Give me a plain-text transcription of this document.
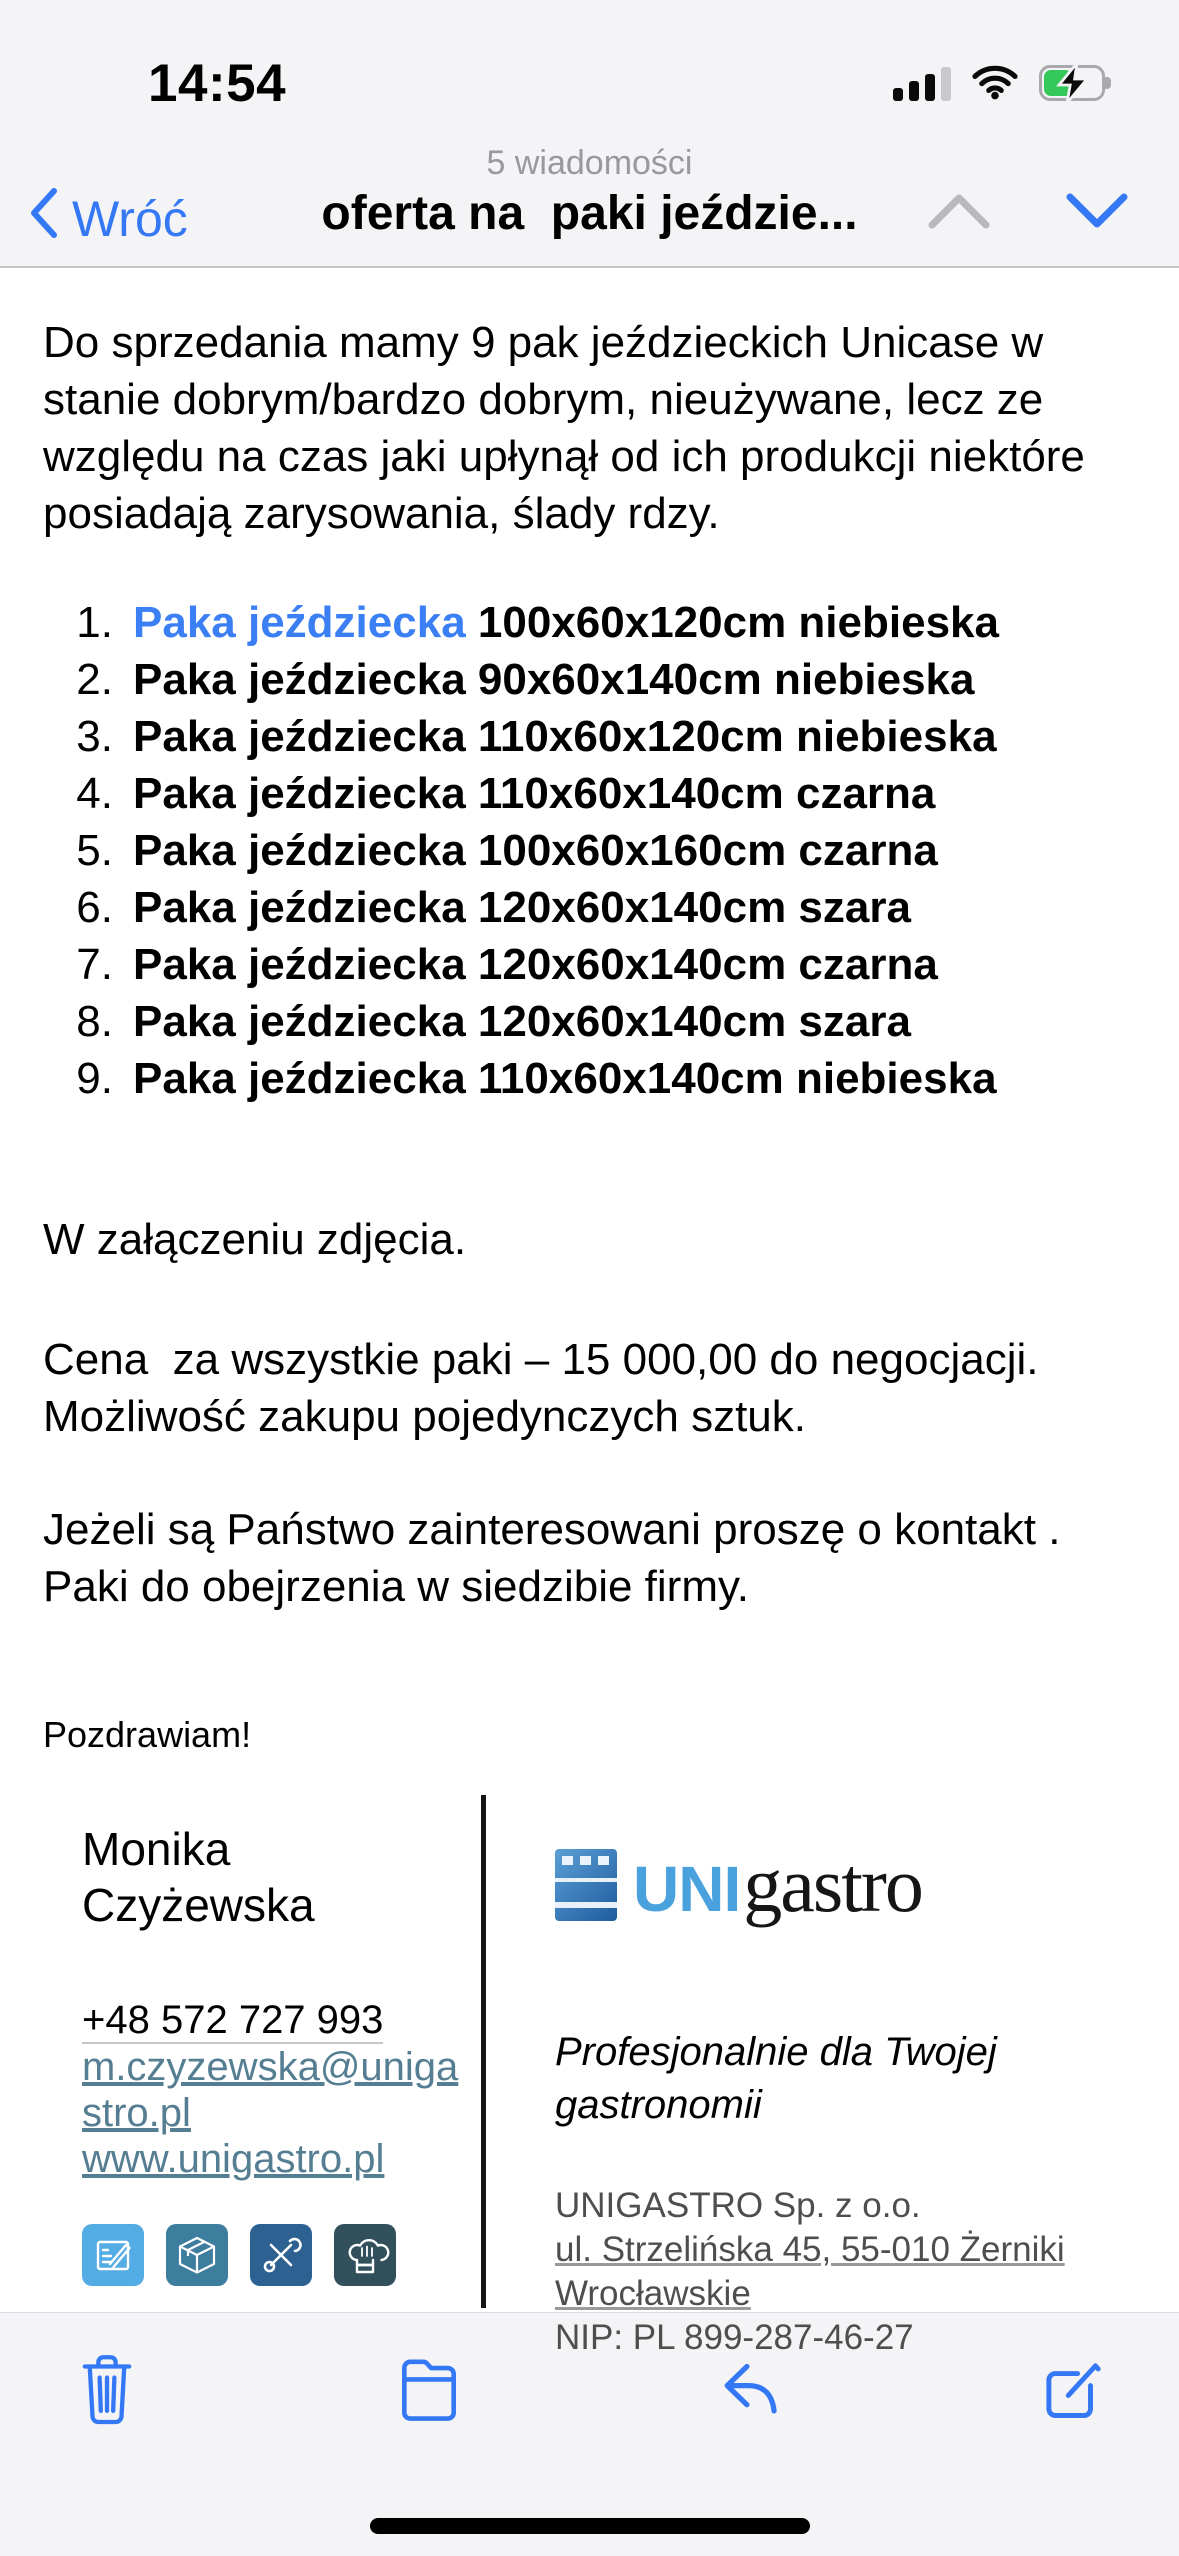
14:54
5 wiadomości
Wróć	oferta na  paki jeździe...
Do sprzedania mamy 9 pak jeździeckich Unicase w stanie dobrym/bardzo dobrym, nieużywane, lecz ze względu na czas jaki upłynął od ich produkcji niektóre posiadają zarysowania, ślady rdzy.
1. Paka jeździecka 100x60x120cm niebieska
2. Paka jeździecka 90x60x140cm niebieska
3. Paka jeździecka 110x60x120cm niebieska
4. Paka jeździecka 110x60x140cm czarna
5. Paka jeździecka 100x60x160cm czarna
6. Paka jeździecka 120x60x140cm szara
7. Paka jeździecka 120x60x140cm czarna
8. Paka jeździecka 120x60x140cm szara
9. Paka jeździecka 110x60x140cm niebieska
W załączeniu zdjęcia.
Cena  za wszystkie paki – 15 000,00 do negocjacji.
Możliwość zakupu pojedynczych sztuk.
Jeżeli są Państwo zainteresowani proszę o kontakt .
Paki do obejrzenia w siedzibie firmy.
Pozdrawiam!
Monika
Czyżewska
+48 572 727 993
m.czyzewska@uniga
stro.pl
www.unigastro.pl
UNI gastro
Profesjonalnie dla Twojej
gastronomii
UNIGASTRO Sp. z o.o.
ul. Strzelińska 45, 55-010 Żerniki
Wrocławskie
NIP: PL 899-287-46-27
